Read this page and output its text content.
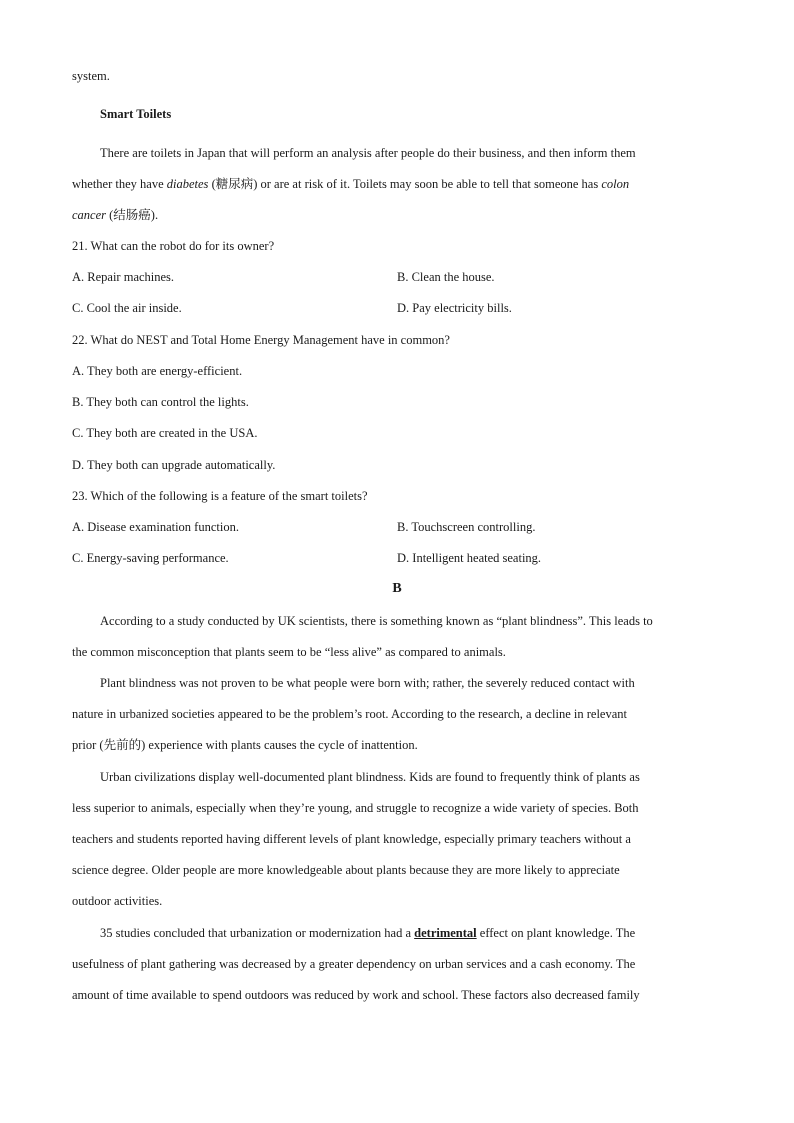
system.
Smart Toilets
There are toilets in Japan that will perform an analysis after people do their business, and then inform them
whether they have diabetes (糖尿病) or are at risk of it. Toilets may soon be able to tell that someone has colon
cancer (结肠癌).
21. What can the robot do for its owner?
A. Repair machines.	B. Clean the house.
C. Cool the air inside.	D. Pay electricity bills.
22. What do NEST and Total Home Energy Management have in common?
A. They both are energy-efficient.
B. They both can control the lights.
C. They both are created in the USA.
D. They both can upgrade automatically.
23. Which of the following is a feature of the smart toilets?
A. Disease examination function.	B. Touchscreen controlling.
C. Energy-saving performance.	D. Intelligent heated seating.
B
According to a study conducted by UK scientists, there is something known as “plant blindness”. This leads to
the common misconception that plants seem to be “less alive” as compared to animals.
Plant blindness was not proven to be what people were born with; rather, the severely reduced contact with
nature in urbanized societies appeared to be the problem’s root. According to the research, a decline in relevant
prior (先前的) experience with plants causes the cycle of inattention.
Urban civilizations display well-documented plant blindness. Kids are found to frequently think of plants as
less superior to animals, especially when they’re young, and struggle to recognize a wide variety of species. Both
teachers and students reported having different levels of plant knowledge, especially primary teachers without a
science degree. Older people are more knowledgeable about plants because they are more likely to appreciate
outdoor activities.
35 studies concluded that urbanization or modernization had a detrimental effect on plant knowledge. The
usefulness of plant gathering was decreased by a greater dependency on urban services and a cash economy. The
amount of time available to spend outdoors was reduced by work and school. These factors also decreased family
